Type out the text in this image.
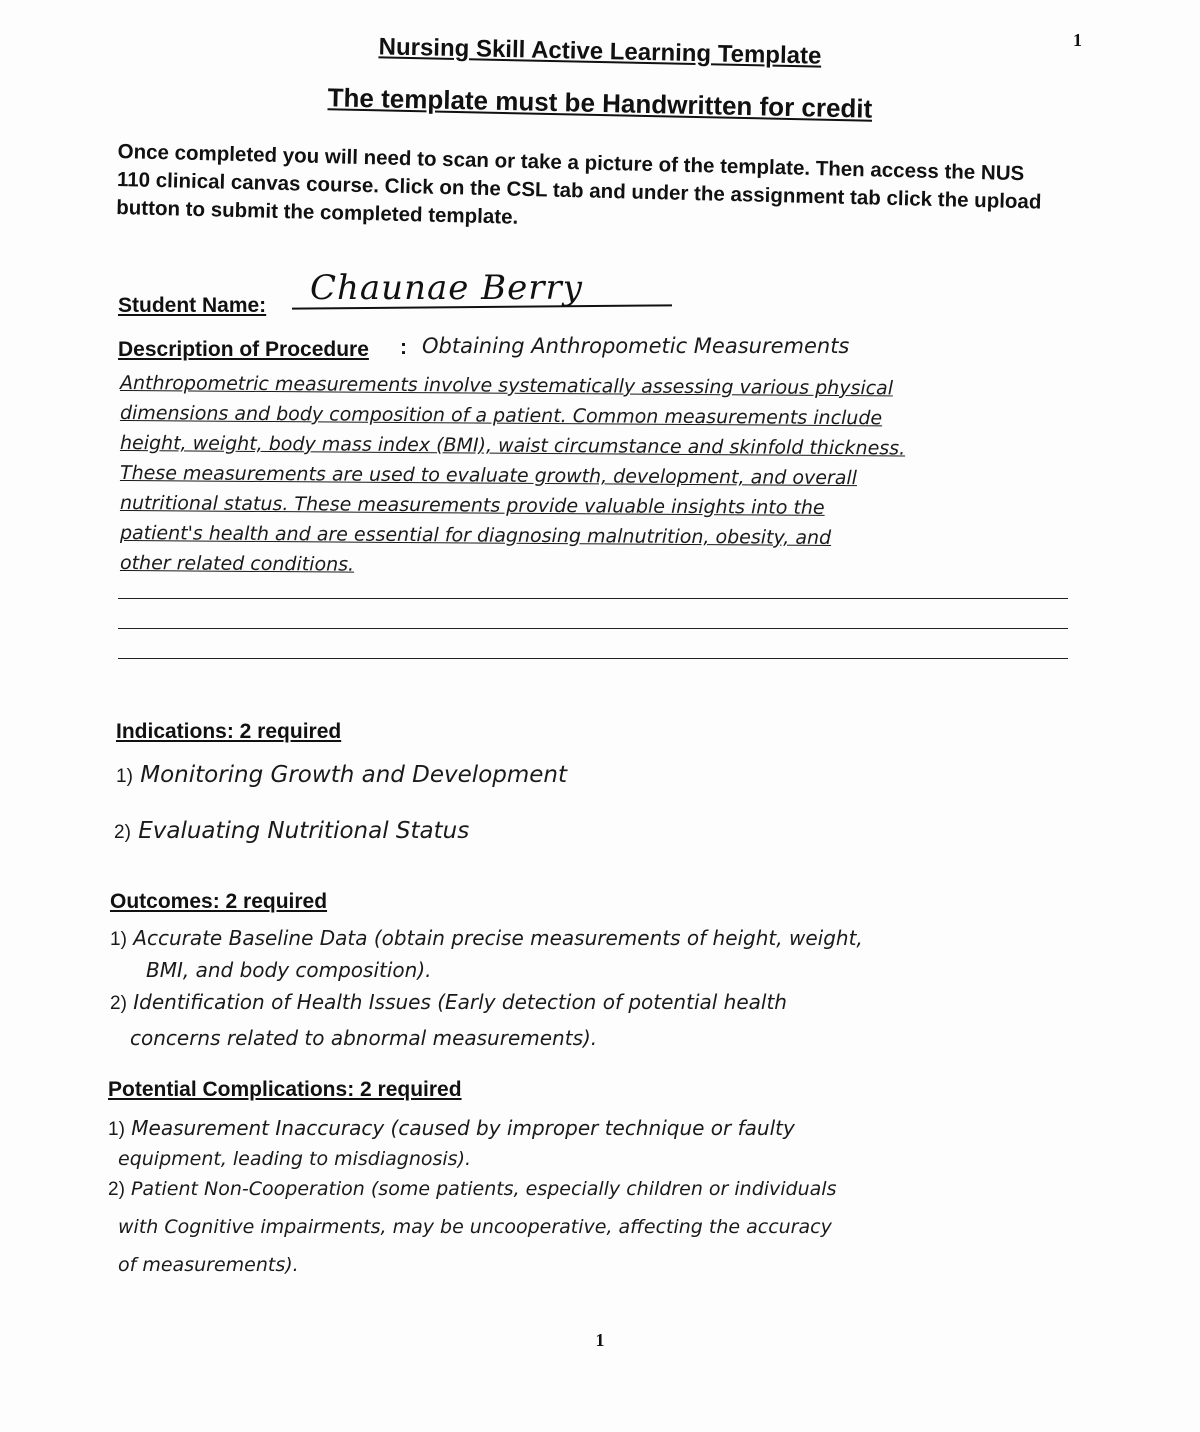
1
Nursing Skill Active Learning Template
The template must be Handwritten for credit
Once completed you will need to scan or take a picture of the template. Then access the NUS 110 clinical canvas course. Click on the CSL tab and under the assignment tab click the upload button to submit the completed template.
Student Name: Chaunae Berry
Description of Procedure : Obtaining Anthropometic Measurements
Anthropometric measurements involve systematically assessing various physical
dimensions and body composition of a patient. Common measurements include
height, weight, body mass index (BMI), waist circumstance and skinfold thickness.
These measurements are used to evaluate growth, development, and overall
nutritional status. These measurements provide valuable insights into the
patient's health and are essential for diagnosing malnutrition, obesity, and
other related conditions.
Indications: 2 required
1) Monitoring Growth and Development
2) Evaluating Nutritional Status
Outcomes: 2 required
1) Accurate Baseline Data (obtain precise measurements of height, weight,
BMI, and body composition).
2) Identification of Health Issues (Early detection of potential health
concerns related to abnormal measurements).
Potential Complications: 2 required
1) Measurement Inaccuracy (caused by improper technique or faulty
equipment, leading to misdiagnosis).
2) Patient Non-Cooperation (some patients, especially children or individuals
with Cognitive impairments, may be uncooperative, affecting the accuracy
of measurements).
1
